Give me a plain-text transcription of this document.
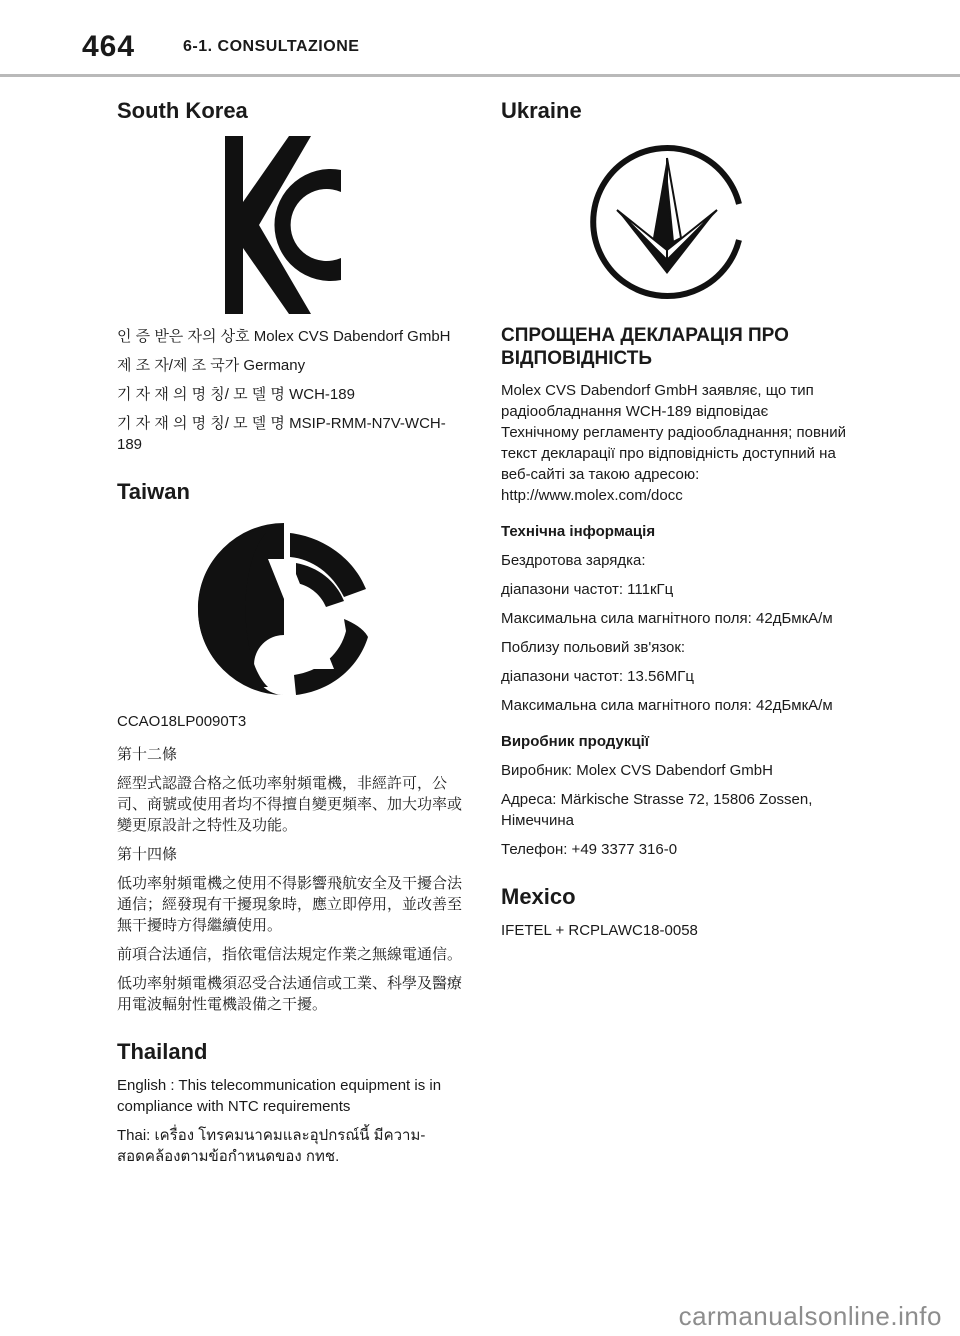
464	6-1. CONSULTAZIONE
South Korea

인 증 받은 자의 상호 Molex CVS Dabendorf GmbH

제 조 자/제 조 국가 Germany

기 자 재 의 명 칭/ 모 델 명 WCH-189

기 자 재 의 명 칭/ 모 델 명 MSIP-RMM-N7V-WCH-189

Taiwan

CCAO18LP0090T3

第十二條

經型式認證合格之低功率射頻電機，非經許可，公司、商號或使用者均不得擅自變更頻率、加大功率或變更原設計之特性及功能。

第十四條

低功率射頻電機之使用不得影響飛航安全及干擾合法通信；經發現有干擾現象時，應立即停用，並改善至無干擾時方得繼續使用。

前項合法通信，指依電信法規定作業之無線電通信。

低功率射頻電機須忍受合法通信或工業、科學及醫療用電波輻射性電機設備之干擾。

Thailand

English : This telecommunication equipment is in compliance with NTC requirements

Thai: เครื่อง โทรคมนาคมและอุปกรณ์นี้ มีความ-สอดคล้องตามข้อกำหนดของ กทช.

Ukraine
СПРОЩЕНА ДЕКЛАРАЦІЯ ПРО ВІДПОВІДНІСТЬ

Molex CVS Dabendorf GmbH заявляє, що тип радіообладнання WCH-189 відповідає Технічному регламенту радіообладнання; повний текст декларації про відповідність доступний на веб-сайті за такою адресою: http://www.molex.com/docc

Технічна інформація

Бездротова зарядка:

діапазони частот: 111кГц

Максимальна сила магнітного поля: 42дБмкА/м

Поблизу польовий зв'язок:

діапазони частот: 13.56МГц

Максимальна сила магнітного поля: 42дБмкА/м

Виробник продукції

Виробник: Molex CVS Dabendorf GmbH

Адреса: Märkische Strasse 72, 15806 Zossen, Німеччина

Телефон: +49 3377 316-0

Mexico

IFETEL + RCPLAWC18-0058

carmanualsonline.info
